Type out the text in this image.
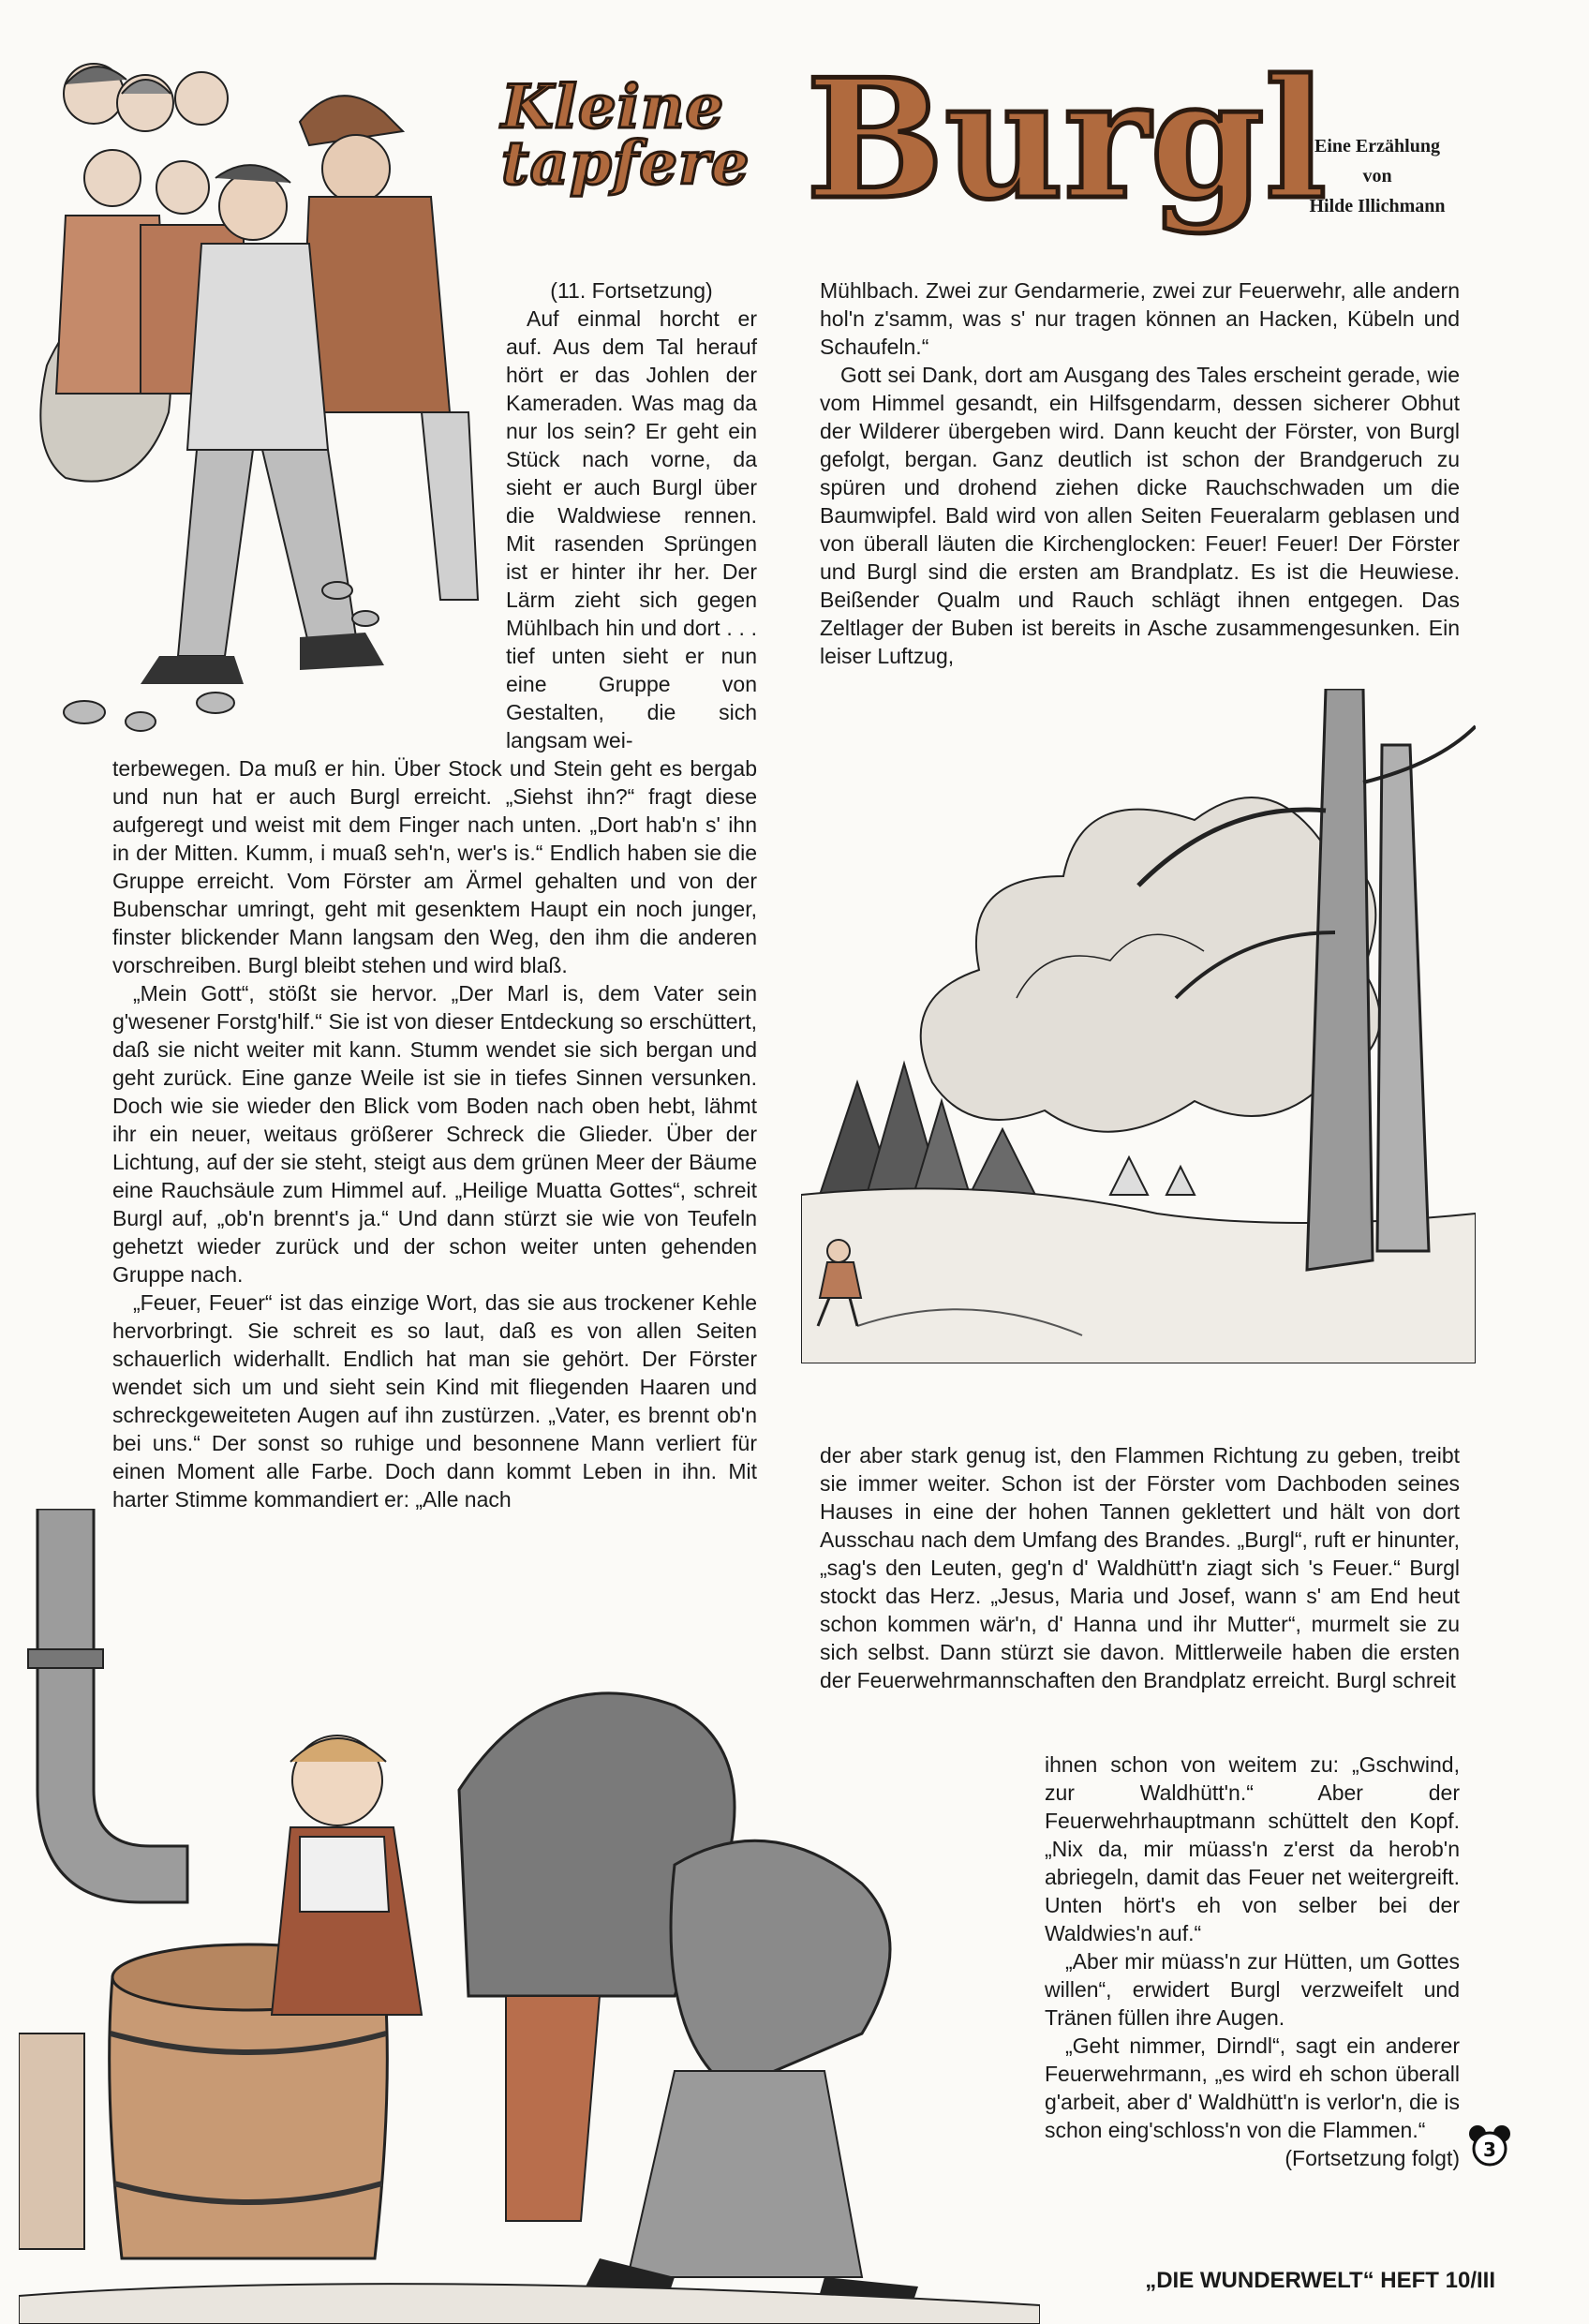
Kleine
tapfere Burgl
Eine Erzählung
von
Hilde Illichmann

(11. Fortsetzung)

Auf einmal horcht er auf. Aus dem Tal herauf hört er das Johlen der Kameraden. Was mag da nur los sein? Er geht ein Stück nach vorne, da sieht er auch Burgl über die Waldwiese rennen. Mit rasenden Sprüngen ist er hinter ihr her. Der Lärm zieht sich gegen Mühlbach hin und dort . . . tief unten sieht er nun eine Gruppe von Gestalten, die sich langsam wei-

terbewegen. Da muß er hin. Über Stock und Stein geht es bergab und nun hat er auch Burgl erreicht. „Siehst ihn?“ fragt diese aufgeregt und weist mit dem Finger nach unten. „Dort hab'n s' ihn in der Mitten. Kumm, i muaß seh'n, wer's is.“ Endlich haben sie die Gruppe erreicht. Vom Förster am Ärmel gehalten und von der Bubenschar umringt, geht mit gesenktem Haupt ein noch junger, finster blickender Mann langsam den Weg, den ihm die anderen vorschreiben. Burgl bleibt stehen und wird blaß.

„Mein Gott“, stößt sie hervor. „Der Marl is, dem Vater sein g'wesener Forstg'hilf.“ Sie ist von dieser Entdeckung so erschüttert, daß sie nicht weiter mit kann. Stumm wendet sie sich bergan und geht zurück. Eine ganze Weile ist sie in tiefes Sinnen versunken. Doch wie sie wieder den Blick vom Boden nach oben hebt, lähmt ihr ein neuer, weitaus größerer Schreck die Glieder. Über der Lichtung, auf der sie steht, steigt aus dem grünen Meer der Bäume eine Rauchsäule zum Himmel auf. „Heilige Muatta Gottes“, schreit Burgl auf, „ob'n brennt's ja.“ Und dann stürzt sie wie von Teufeln gehetzt wieder zurück und der schon weiter unten gehenden Gruppe nach.

„Feuer, Feuer“ ist das einzige Wort, das sie aus trockener Kehle hervorbringt. Sie schreit es so laut, daß es von allen Seiten schauerlich widerhallt. Endlich hat man sie gehört. Der Förster wendet sich um und sieht sein Kind mit fliegenden Haaren und schreckgeweiteten Augen auf ihn zustürzen. „Vater, es brennt ob'n bei uns.“ Der sonst so ruhige und besonnene Mann verliert für einen Moment alle Farbe. Doch dann kommt Leben in ihn. Mit harter Stimme kommandiert er: „Alle nach

Mühlbach. Zwei zur Gendarmerie, zwei zur Feuerwehr, alle andern hol'n z'samm, was s' nur tragen können an Hacken, Kübeln und Schaufeln.“

Gott sei Dank, dort am Ausgang des Tales erscheint gerade, wie vom Himmel gesandt, ein Hilfsgendarm, dessen sicherer Obhut der Wilderer übergeben wird. Dann keucht der Förster, von Burgl gefolgt, bergan. Ganz deutlich ist schon der Brandgeruch zu spüren und drohend ziehen dicke Rauchschwaden um die Baumwipfel. Bald wird von allen Seiten Feueralarm geblasen und von überall läuten die Kirchenglocken: Feuer! Feuer! Der Förster und Burgl sind die ersten am Brandplatz. Es ist die Heuwiese. Beißender Qualm und Rauch schlägt ihnen entgegen. Das Zeltlager der Buben ist bereits in Asche zusammengesunken. Ein leiser Luftzug,

der aber stark genug ist, den Flammen Richtung zu geben, treibt sie immer weiter. Schon ist der Förster vom Dachboden seines Hauses in eine der hohen Tannen geklettert und hält von dort Ausschau nach dem Umfang des Brandes. „Burgl“, ruft er hinunter, „sag's den Leuten, geg'n d' Waldhütt'n ziagt sich 's Feuer.“ Burgl stockt das Herz. „Jesus, Maria und Josef, wann s' am End heut schon kommen wär'n, d' Hanna und ihr Mutter“, murmelt sie zu sich selbst. Dann stürzt sie davon. Mittlerweile haben die ersten der Feuerwehrmannschaften den Brandplatz erreicht. Burgl schreit

ihnen schon von weitem zu: „Gschwind, zur Waldhütt'n.“ Aber der Feuerwehrhauptmann schüttelt den Kopf. „Nix da, mir müass'n z'erst da herob'n abriegeln, damit das Feuer net weitergreift. Unten hört's eh von selber bei der Waldwies'n auf.“

„Aber mir müass'n zur Hütten, um Gottes willen“, erwidert Burgl verzweifelt und Tränen füllen ihre Augen.

„Geht nimmer, Dirndl“, sagt ein anderer Feuerwehrmann, „es wird eh schon überall g'arbeit, aber d' Waldhütt'n is verlor'n, die is schon eing'schloss'n von die Flammen.“

(Fortsetzung folgt) 3
„DIE WUNDERWELT“ HEFT 10/III
